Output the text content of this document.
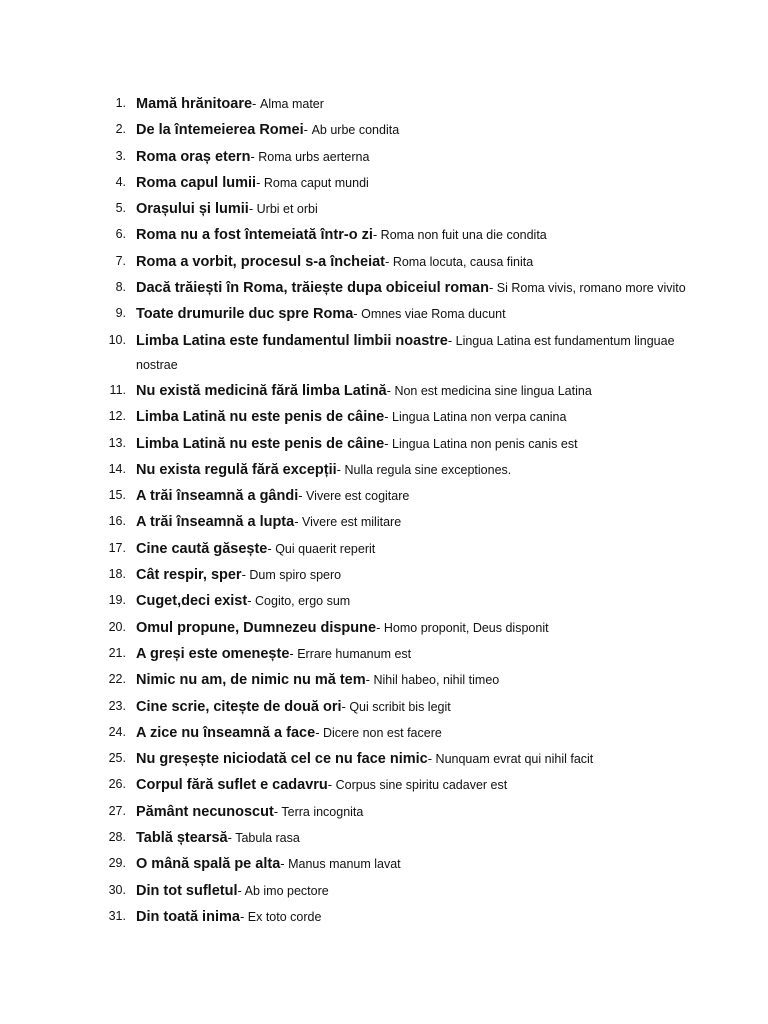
1. Mamă hrănitoare- Alma mater
2. De la întemeierea Romei- Ab urbe condita
3. Roma oraș etern- Roma urbs aerterna
4. Roma capul lumii- Roma caput mundi
5. Orașului și lumii- Urbi et orbi
6. Roma nu a fost întemeiată într-o zi- Roma non fuit una die condita
7. Roma a vorbit, procesul s-a încheiat- Roma locuta, causa finita
8. Dacă trăiești în Roma, trăiește dupa obiceiul roman- Si Roma vivis, romano more vivito
9. Toate drumurile duc spre Roma- Omnes viae Roma ducunt
10. Limba Latina este fundamentul limbii noastre- Lingua Latina est fundamentum linguae nostrae
11. Nu există medicină fără limba Latină- Non est medicina sine lingua Latina
12. Limba Latină nu este penis de câine- Lingua Latina non verpa canina
13. Limba Latină nu este penis de câine- Lingua Latina non penis canis est
14. Nu exista regulă fără excepții- Nulla regula sine exceptiones.
15. A trăi înseamnă a gândi- Vivere est cogitare
16. A trăi înseamnă a lupta- Vivere est militare
17. Cine caută găsește- Qui quaerit reperit
18. Cât respir, sper- Dum spiro spero
19. Cuget,deci exist- Cogito, ergo sum
20. Omul propune, Dumnezeu dispune- Homo proponit, Deus disponit
21. A greși este omenește- Errare humanum est
22. Nimic nu am, de nimic nu mă tem- Nihil habeo, nihil timeo
23. Cine scrie, citește de două ori- Qui scribit bis legit
24. A zice nu înseamnă a face- Dicere non est facere
25. Nu greșește niciodată cel ce nu face nimic- Nunquam evrat qui nihil facit
26. Corpul fără suflet e cadavru- Corpus sine spiritu cadaver est
27. Pământ necunoscut- Terra incognita
28. Tablă ștearsă- Tabula rasa
29. O mână spală pe alta- Manus manum lavat
30. Din tot sufletul- Ab imo pectore
31. Din toată inima- Ex toto corde
